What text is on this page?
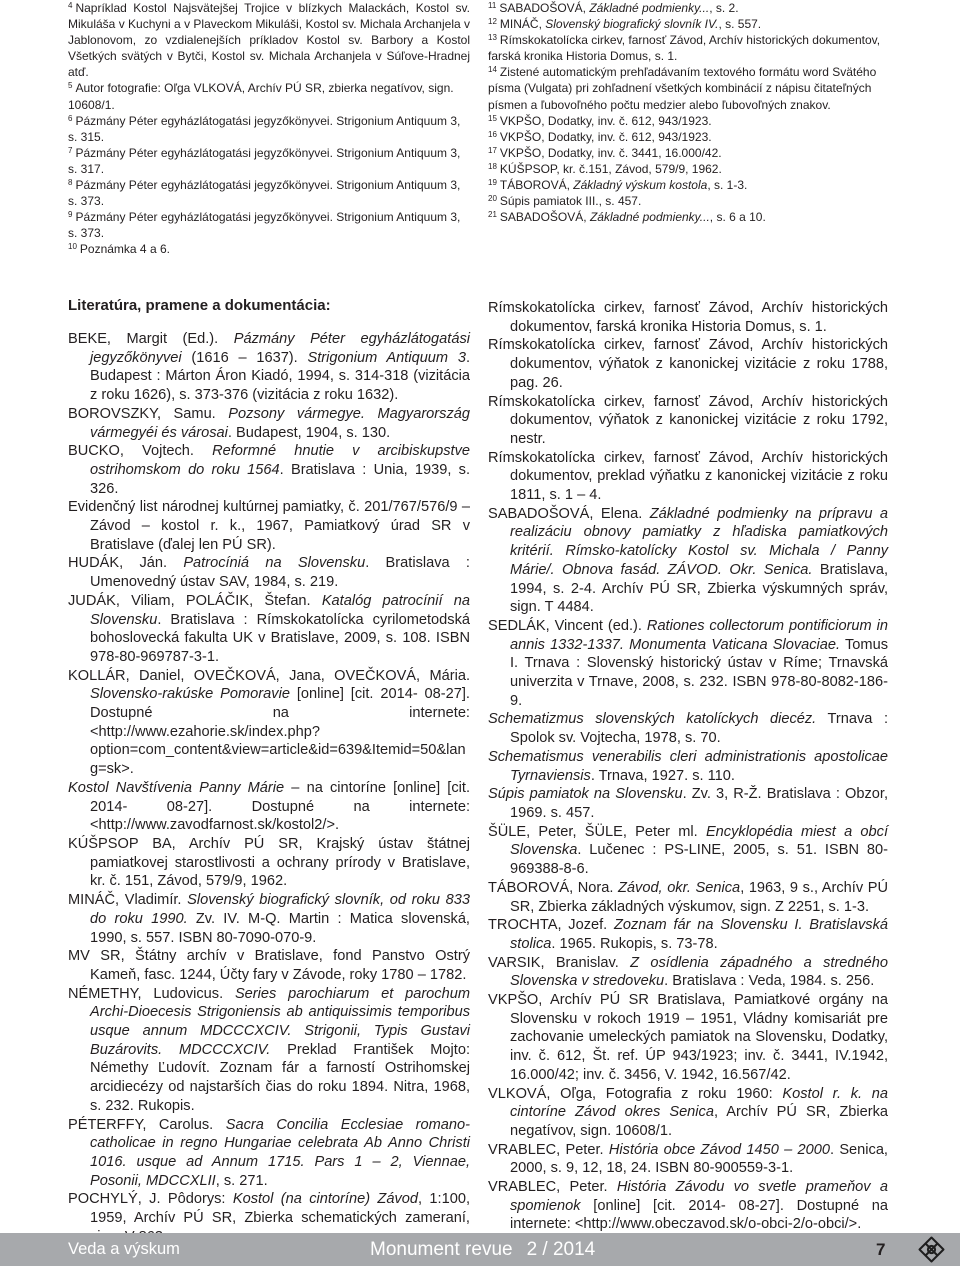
$^4$ Napríklad Kostol Najsvätejšej Trojice v blízkych Malackách, Kostol sv. Mikuláša v Kuchyni a v Plaveckom Mikuláši, Kostol sv. Michala Archanjela v Jablonovom, zo vzdialenejších príkladov Kostol sv. Barbory a Kostol Všetkých svätých v Bytči, Kostol sv. Michala Archanjela v Súľove-Hradnej atď.
$^5$ Autor fotografie: Oľga VLKOVÁ, Archív PÚ SR, zbierka negatívov, sign. 10608/1.
$^6$ Pázmány Péter egyházlátogatási jegyzőkönyvei. Strigonium Antiquum 3, s. 315.
$^7$ Pázmány Péter egyházlátogatási jegyzőkönyvei. Strigonium Antiquum 3, s. 317.
$^8$ Pázmány Péter egyházlátogatási jegyzőkönyvei. Strigonium Antiquum 3, s. 373.
$^9$ Pázmány Péter egyházlátogatási jegyzőkönyvei. Strigonium Antiquum 3, s. 373.
$^{10}$ Poznámka 4 a 6.
$^{11}$ SABADOŠOVÁ, Základné podmienky..., s. 2.
$^{12}$ MINÁČ, Slovenský biografický slovník IV., s. 557.
$^{13}$ Rímskokatolícka cirkev, farnosť Závod, Archív historických dokumentov, farská kronika Historia Domus, s. 1.
$^{14}$ Zistené automatickým prehľadávaním textového formátu word Svätého písma (Vulgata) pri zohľadnení všetkých kombinácií z nápisu čitateľných písmen a ľubovoľného počtu medzier alebo ľubovoľných znakov.
$^{15}$ VKPŠO, Dodatky, inv. č. 612, 943/1923.
$^{16}$ VKPŠO, Dodatky, inv. č. 612, 943/1923.
$^{17}$ VKPŠO, Dodatky, inv. č. 3441, 16.000/42.
$^{18}$ KÚŠPSOP, kr. č.151, Závod, 579/9, 1962.
$^{19}$ TÁBOROVÁ, Základný výskum kostola, s. 1-3.
$^{20}$ Súpis pamiatok III., s. 457.
$^{21}$ SABADOŠOVÁ, Základné podmienky..., s. 6 a 10.
Literatúra, pramene a dokumentácia:
BEKE, Margit (Ed.). Pázmány Péter egyházlátogatási jegyzőkönyvei (1616 – 1637). Strigonium Antiquum 3. Budapest : Márton Áron Kiadó, 1994, s. 314-318 (vizitácia z roku 1626), s. 373-376 (vizitácia z roku 1632).
BOROVSZKY, Samu. Pozsony vármegye. Magyarország vármegyéi és városai. Budapest, 1904, s. 130.
BUCKO, Vojtech. Reformné hnutie v arcibiskupstve ostrihomskom do roku 1564. Bratislava : Unia, 1939, s. 326.
Evidenčný list národnej kultúrnej pamiatky, č. 201/767/576/9 – Závod – kostol r. k., 1967, Pamiatkový úrad SR v Bratislave (ďalej len PÚ SR).
HUDÁK, Ján. Patrocíniá na Slovensku. Bratislava : Umenovedný ústav SAV, 1984, s. 219.
JUDÁK, Viliam, POLÁČIK, Štefan. Katalóg patrocínií na Slovensku. Bratislava : Rímskokatolícka cyrilometodská bohoslovecká fakulta UK v Bratislave, 2009, s. 108. ISBN 978-80-969787-3-1.
KOLLÁR, Daniel, OVEČKOVÁ, Jana, OVEČKOVÁ, Mária. Slovensko-rakúske Pomoravie [online] [cit. 2014- 08-27]. Dostupné na internete: <http://www.ezahorie.sk/index.php?option=com_content&view=article&id=639&Itemid=50&lang=sk>.
Kostol Navštívenia Panny Márie – na cintoríne [online] [cit. 2014- 08-27]. Dostupné na internete: <http://www.zavodfarnost.sk/kostol2/>.
KÚŠPSOP BA, Archív PÚ SR, Krajský ústav štátnej pamiatkovej starostlivosti a ochrany prírody v Bratislave, kr. č. 151, Závod, 579/9, 1962.
MINÁČ, Vladimír. Slovenský biografický slovník, od roku 833 do roku 1990. Zv. IV. M-Q. Martin : Matica slovenská, 1990, s. 557. ISBN 80-7090-070-9.
MV SR, Štátny archív v Bratislave, fond Panstvo Ostrý Kameň, fasc. 1244, Účty fary v Závode, roky 1780 – 1782.
NÉMETHY, Ludovicus. Series parochiarum et parochum Archi-Dioecesis Strigoniensis ab antiquissimis temporibus usque annum MDCCCXCIV. Strigonii, Typis Gustavi Buzárovits. MDCCCXCIV. Preklad František Mojto: Némethy Ľudovít. Zoznam fár a farností Ostrihomskej arcidiecézy od najstarších čias do roku 1894. Nitra, 1968, s. 232. Rukopis.
PÉTERFFY, Carolus. Sacra Concilia Ecclesiae romano-catholicae in regno Hungariae celebrata Ab Anno Christi 1016. usque ad Annum 1715. Pars 1 – 2, Viennae, Posonii, MDCCXLII, s. 271.
POCHYLÝ, J. Pôdorys: Kostol (na cintoríne) Závod, 1:100, 1959, Archív PÚ SR, Zbierka schematických zameraní,
Rímskokatolícka cirkev, farnosť Závod, Archív historických dokumentov, farská kronika Historia Domus, s. 1.
Rímskokatolícka cirkev, farnosť Závod, Archív historických dokumentov, výňatok z kanonickej vizitácie z roku 1788, pag. 26.
Rímskokatolícka cirkev, farnosť Závod, Archív historických dokumentov, výňatok z kanonickej vizitácie z roku 1792, nestr.
Rímskokatolícka cirkev, farnosť Závod, Archív historických dokumentov, preklad výňatku z kanonickej vizitácie z roku 1811, s. 1 – 4.
SABADOŠOVÁ, Elena. Základné podmienky na prípravu a realizáciu obnovy pamiatky z hľadiska pamiatkových kritérií. Rímsko-katolícky Kostol sv. Michala / Panny Márie/. Obnova fasád. ZÁVOD. Okr. Senica. Bratislava, 1994, s. 2-4. Archív PÚ SR, Zbierka výskumných správ, sign. T 4484.
SEDLÁK, Vincent (ed.). Rationes collectorum pontificiorum in annis 1332-1337. Monumenta Vaticana Slovaciae. Tomus I. Trnava : Slovenský historický ústav v Ríme; Trnavská univerzita v Trnave, 2008, s. 232. ISBN 978-80-8082-186-9.
Schematizmus slovenských katolíckych diecéz. Trnava : Spolok sv. Vojtecha, 1978, s. 70.
Schematismus venerabilis cleri administrationis apostolicae Tyrnaviensis. Trnava, 1927. s. 110.
Súpis pamiatok na Slovensku. Zv. 3, R-Ž. Bratislava : Obzor, 1969. s. 457.
ŠÜLE, Peter, ŠÜLE, Peter ml. Encyklopédia miest a obcí Slovenska. Lučenec : PS-LINE, 2005, s. 51. ISBN 80-969388-8-6.
TÁBOROVÁ, Nora. Závod, okr. Senica, 1963, 9 s., Archív PÚ SR, Zbierka základných výskumov, sign. Z 2251, s. 1-3.
TROCHTA, Jozef. Zoznam fár na Slovensku I. Bratislavská stolica. 1965. Rukopis, s. 73-78.
VARSIK, Branislav. Z osídlenia západného a stredného Slovenska v stredoveku. Bratislava : Veda, 1984. s. 256.
VKPŠO, Archív PÚ SR Bratislava, Pamiatkové orgány na Slovensku v rokoch 1919 – 1951, Vládny komisariát pre zachovanie umeleckých pamiatok na Slovensku, Dodatky, inv. č. 612, Št. ref. ÚP 943/1923; inv. č. 3441, IV.1942, 16.000/42; inv. č. 3456, V. 1942, 16.567/42.
VLKOVÁ, Oľga, Fotografia z roku 1960: Kostol r. k. na cintoríne Závod okres Senica, Archív PÚ SR, Zbierka negatívov, sign. 10608/1.
VRABLEC, Peter. História obce Závod 1450 – 2000. Senica, 2000, s. 9, 12, 18, 24. ISBN 80-900559-3-1.
VRABLEC, Peter. História Závodu vo svetle prameňov a spomienok [online] [cit. 2014- 08-27]. Dostupné na internete: <http://www.obeczavod.sk/o-obci-2/o-obci/>.
Veda a výskum	Monument revue 2 / 2014	7
